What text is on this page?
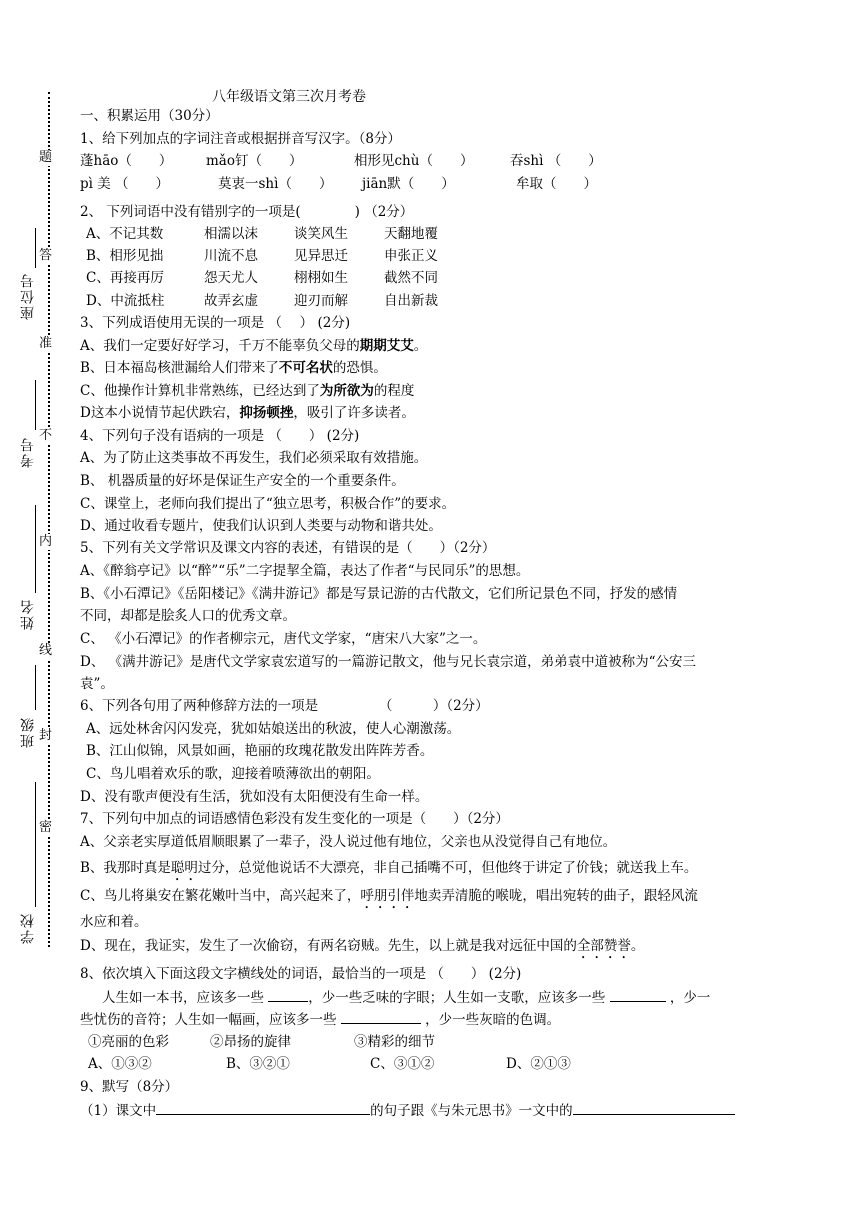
题
答
准
不
内
线
封
密
座位号
考号
姓名
班级
学校
八年级语文第三次月考卷
一、积累运用（30分）
1、给下列加点的字词注音或根据拼音写汉字。（8分）
蓬hāo（　　） mǎo钉（　　）	相形见chù（　　）	吞shì （　　）
pì 美 （　　）	莫衷一shì（　　） jiān默（　　）	牟取（　　）
2、 下列词语中没有错别字的一项是(　　　　) （2分）
A、不记其数	相濡以沫	谈笑风生	天翻地覆
B、相形见拙	川流不息	见异思迁	申张正义
C、再接再厉	怨天尤人	栩栩如生	截然不同
D、中流抵柱	故弄玄虚	迎刃而解	自出新裁
3、下列成语使用无误的一项是 （　 ） (2分)
A、我们一定要好好学习，千万不能辜负父母的期期艾艾。
B、日本福岛核泄漏给人们带来了不可名状的恐惧。
C、他操作计算机非常熟练，已经达到了为所欲为的程度
D这本小说情节起伏跌宕，抑扬顿挫，吸引了许多读者。
4、下列句子没有语病的一项是 （　　） (2分)
A、为了防止这类事故不再发生，我们必须采取有效措施。
B、 机器质量的好坏是保证生产安全的一个重要条件。
C、课堂上，老师向我们提出了“独立思考，积极合作”的要求。
D、通过收看专题片，使我们认识到人类要与动物和谐共处。
5、下列有关文学常识及课文内容的表述，有错误的是（　　）（2分）
A、《醉翁亭记》以“醉”“乐”二字提挈全篇，表达了作者“与民同乐”的思想。
B、《小石潭记》《岳阳楼记》《满井游记》都是写景记游的古代散文，它们所记景色不同，抒发的感情
不同，却都是脍炙人口的优秀文章。
C、 《小石潭记》的作者柳宗元，唐代文学家，“唐宋八大家”之一。
D、 《满井游记》是唐代文学家袁宏道写的一篇游记散文，他与兄长袁宗道，弟弟袁中道被称为“公安三
袁”。
6、下列各句用了两种修辞方法的一项是　　　　　（　　　）（2分）
A、远处林舍闪闪发亮，犹如姑娘送出的秋波，使人心潮激荡。
B、江山似锦，风景如画，艳丽的玫瑰花散发出阵阵芳香。
C、鸟儿唱着欢乐的歌，迎接着喷薄欲出的朝阳。
D、没有歌声便没有生活，犹如没有太阳便没有生命一样。
7、下列句中加点的词语感情色彩没有发生变化的一项是（　　）（2分）
A、父亲老实厚道低眉顺眼累了一辈子，没人说过他有地位，父亲也从没觉得自己有地位。
B、我那时真是聪明过分，总觉他说话不大漂亮，非自己插嘴不可，但他终于讲定了价钱；就送我上车。
C、鸟儿将巢安在繁花嫩叶当中，高兴起来了，呼朋引伴地卖弄清脆的喉咙，唱出宛转的曲子，跟轻风流
水应和着。
D、现在，我证实，发生了一次偷窃，有两名窃贼。先生，以上就是我对远征中国的全部赞誉。
8、依次填入下面这段文字横线处的词语，最恰当的一项是 （　　） (2分)
人生如一本书，应该多一些	，少一些乏味的字眼；人生如一支歌，应该多一些	，少一
些忧伤的音符；人生如一幅画，应该多一些	，少一些灰暗的色调。
①亮丽的色彩	②昂扬的旋律	③精彩的细节
A、①③②	B、③②①	C、③①②	D、②①③
9、默写（8分）
（1）课文中	的句子跟《与朱元思书》一文中的
